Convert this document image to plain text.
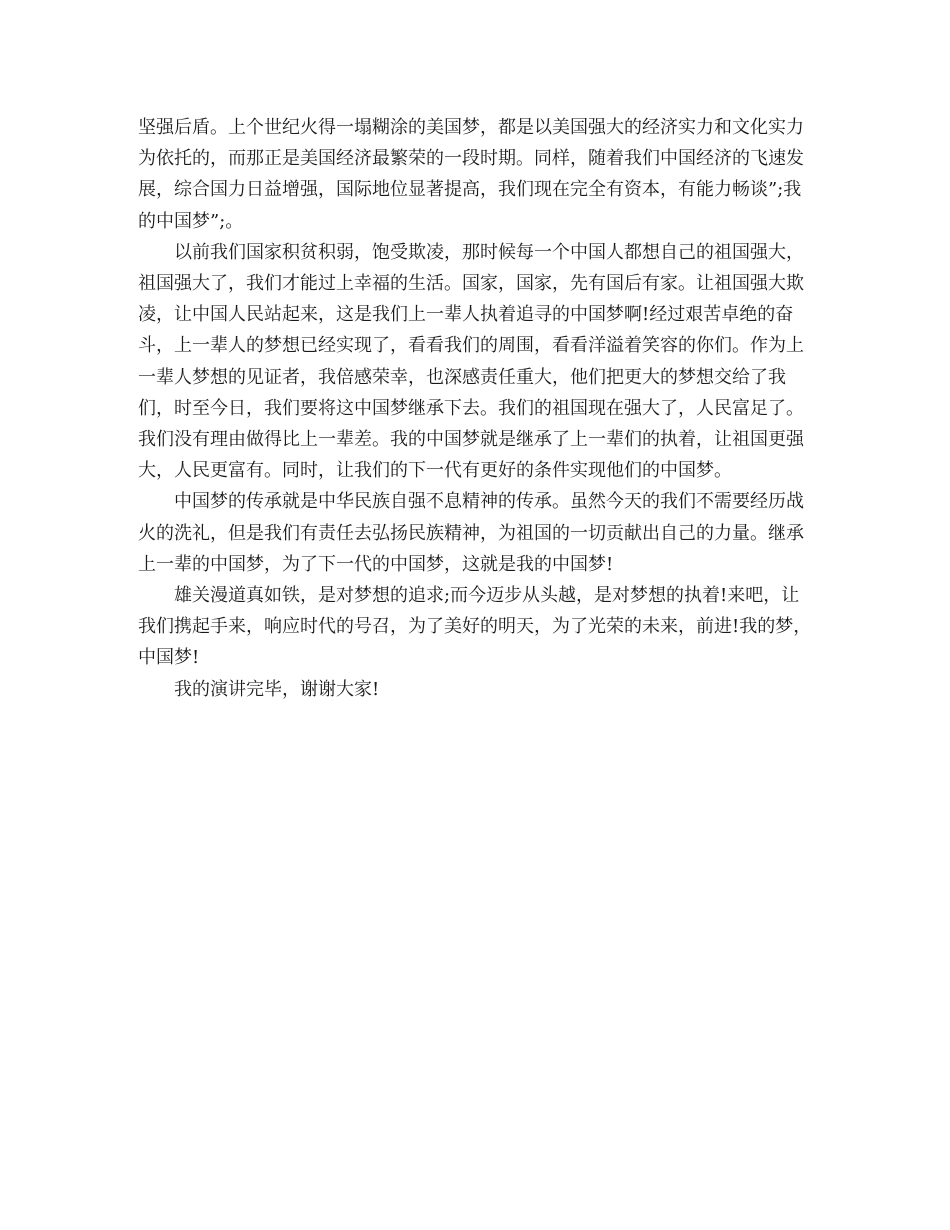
坚强后盾。上个世纪火得一塌糊涂的美国梦，都是以美国强大的经济实力和文化实力为依托的，而那正是美国经济最繁荣的一段时期。同样，随着我们中国经济的飞速发展，综合国力日益增强，国际地位显著提高，我们现在完全有资本，有能力畅谈”;我的中国梦”;。

以前我们国家积贫积弱，饱受欺凌，那时候每一个中国人都想自己的祖国强大，祖国强大了，我们才能过上幸福的生活。国家，国家，先有国后有家。让祖国强大欺凌，让中国人民站起来，这是我们上一辈人执着追寻的中国梦啊!经过艰苦卓绝的奋斗，上一辈人的梦想已经实现了，看看我们的周围，看看洋溢着笑容的你们。作为上一辈人梦想的见证者，我倍感荣幸，也深感责任重大，他们把更大的梦想交给了我们，时至今日，我们要将这中国梦继承下去。我们的祖国现在强大了，人民富足了。我们没有理由做得比上一辈差。我的中国梦就是继承了上一辈们的执着，让祖国更强大，人民更富有。同时，让我们的下一代有更好的条件实现他们的中国梦。

中国梦的传承就是中华民族自强不息精神的传承。虽然今天的我们不需要经历战火的洗礼，但是我们有责任去弘扬民族精神，为祖国的一切贡献出自己的力量。继承上一辈的中国梦，为了下一代的中国梦，这就是我的中国梦!

雄关漫道真如铁，是对梦想的追求;而今迈步从头越，是对梦想的执着!来吧，让我们携起手来，响应时代的号召，为了美好的明天，为了光荣的未来，前进!我的梦，中国梦!

我的演讲完毕，谢谢大家!
